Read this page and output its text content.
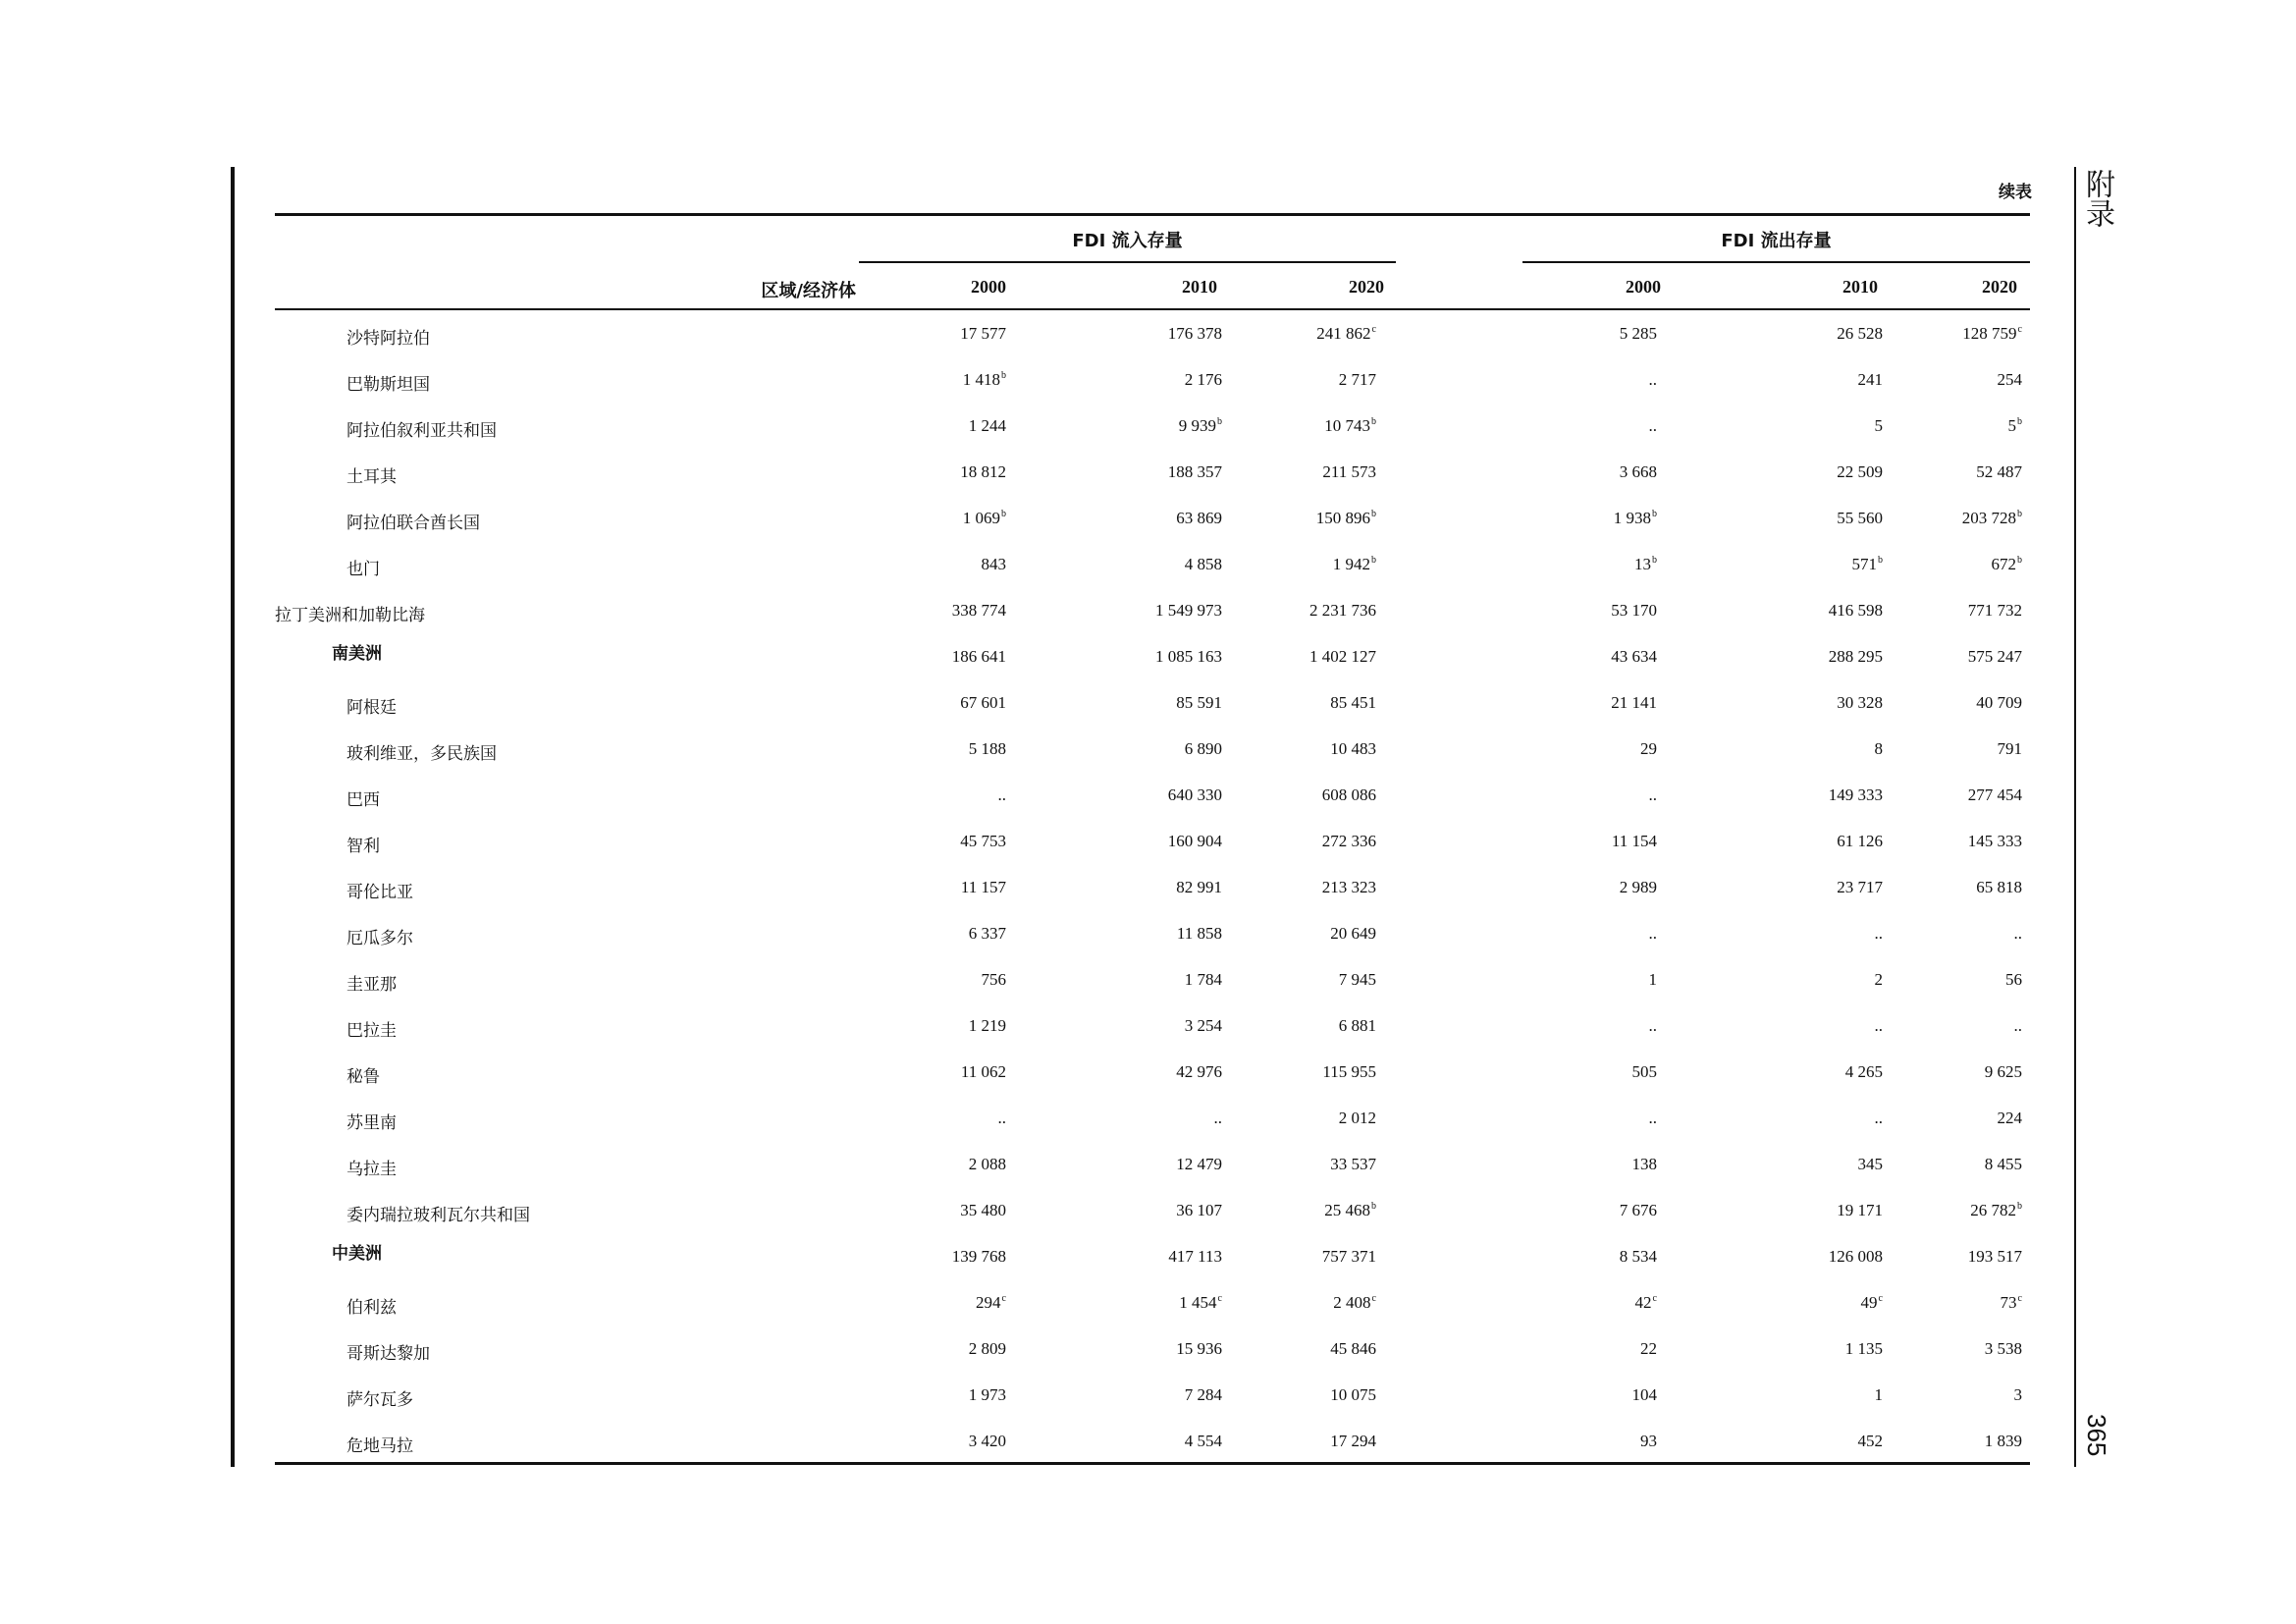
附录
365
续表
FDI 流入存量	FDI 流出存量
区域/经济体	2000	2010	2020	2000	2010	2020
沙特阿拉伯	17 577	176 378	241 862$^c$	5 285	26 528	128 759$^c$
巴勒斯坦国	1 418$^b$	2 176	2 717	..	241	254
阿拉伯叙利亚共和国	1 244	9 939$^b$	10 743$^b$	..	5	5$^b$
土耳其	18 812	188 357	211 573	3 668	22 509	52 487
阿拉伯联合酋长国	1 069$^b$	63 869	150 896$^b$	1 938$^b$	55 560	203 728$^b$
也门	843	4 858	1 942$^b$	13$^b$	571$^b$	672$^b$
拉丁美洲和加勒比海	338 774	1 549 973	2 231 736	53 170	416 598	771 732
南美洲	186 641	1 085 163	1 402 127	43 634	288 295	575 247
阿根廷	67 601	85 591	85 451	21 141	30 328	40 709
玻利维亚，多民族国	5 188	6 890	10 483	29	8	791
巴西	..	640 330	608 086	..	149 333	277 454
智利	45 753	160 904	272 336	11 154	61 126	145 333
哥伦比亚	11 157	82 991	213 323	2 989	23 717	65 818
厄瓜多尔	6 337	11 858	20 649	..	..	..
圭亚那	756	1 784	7 945	1	2	56
巴拉圭	1 219	3 254	6 881	..	..	..
秘鲁	11 062	42 976	115 955	505	4 265	9 625
苏里南	..	..	2 012	..	..	224
乌拉圭	2 088	12 479	33 537	138	345	8 455
委内瑞拉玻利瓦尔共和国	35 480	36 107	25 468$^b$	7 676	19 171	26 782$^b$
中美洲	139 768	417 113	757 371	8 534	126 008	193 517
伯利兹	294$^c$	1 454$^c$	2 408$^c$	42$^c$	49$^c$	73$^c$
哥斯达黎加	2 809	15 936	45 846	22	1 135	3 538
萨尔瓦多	1 973	7 284	10 075	104	1	3
危地马拉	3 420	4 554	17 294	93	452	1 839
